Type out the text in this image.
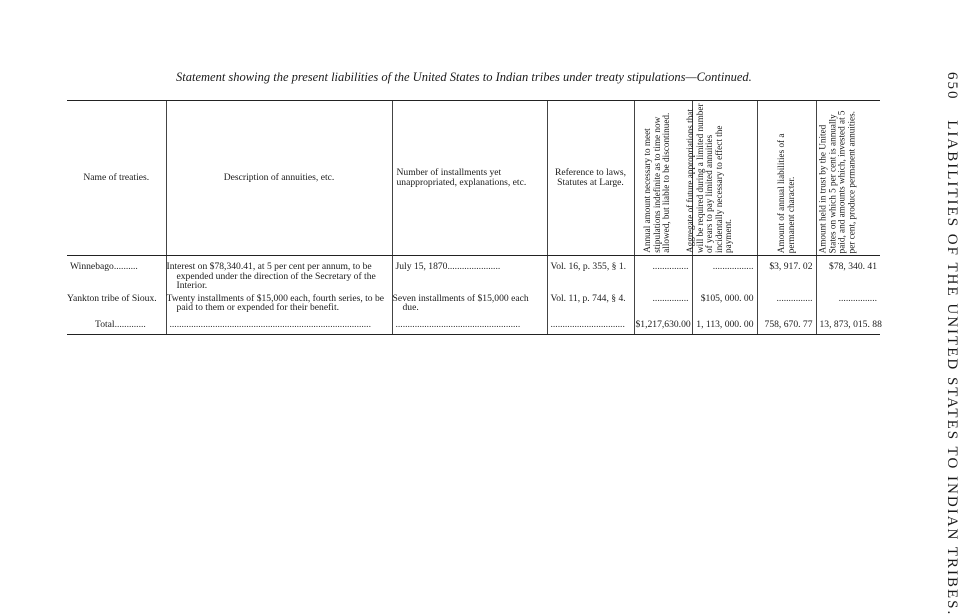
Statement showing the present liabilities of the United States to Indian tribes under treaty stipulations—Continued.	650 LIABILITIES OF THE UNITED STATES TO INDIAN TRIBES.
Name of treaties.	Description of annuities, etc.	Number of installments yet unappropriated, explanations, etc.	Reference to laws, Statutes at Large.	Annual amount necessary to meet stipulations indefinite as to time now allowed, but liable to be discontinued.	Aggregate of future appropriations that will be required during a limited number of years to pay limited annuities incidentally necessary to effect the payment.	Amount of annual liabilities of a permanent character.	Amount held in trust by the United States on which 5 per cent is annually paid, and amounts which, invested at 5 per cent, produce permanent annuities.

Winnebago..........	Interest on $78,340.41, at 5 per cent per annum, to be expended under the direction of the Secretary of the Interior.	July 15, 1870......................	Vol. 16, p. 355, § 1.	...............	.................	$3, 917. 02	$78, 340. 41
Yankton tribe of Sioux.	Twenty installments of $15,000 each, fourth series, to be paid to them or expended for their benefit.	Seven installments of $15,000 each due.	Vol. 11, p. 744, § 4.	...............	$105, 000. 00	...............	................
Total.............	....................................................................................	....................................................	...............................	$1,217,630.00	1, 113, 000. 00	758, 670. 77	13, 873, 015. 88
